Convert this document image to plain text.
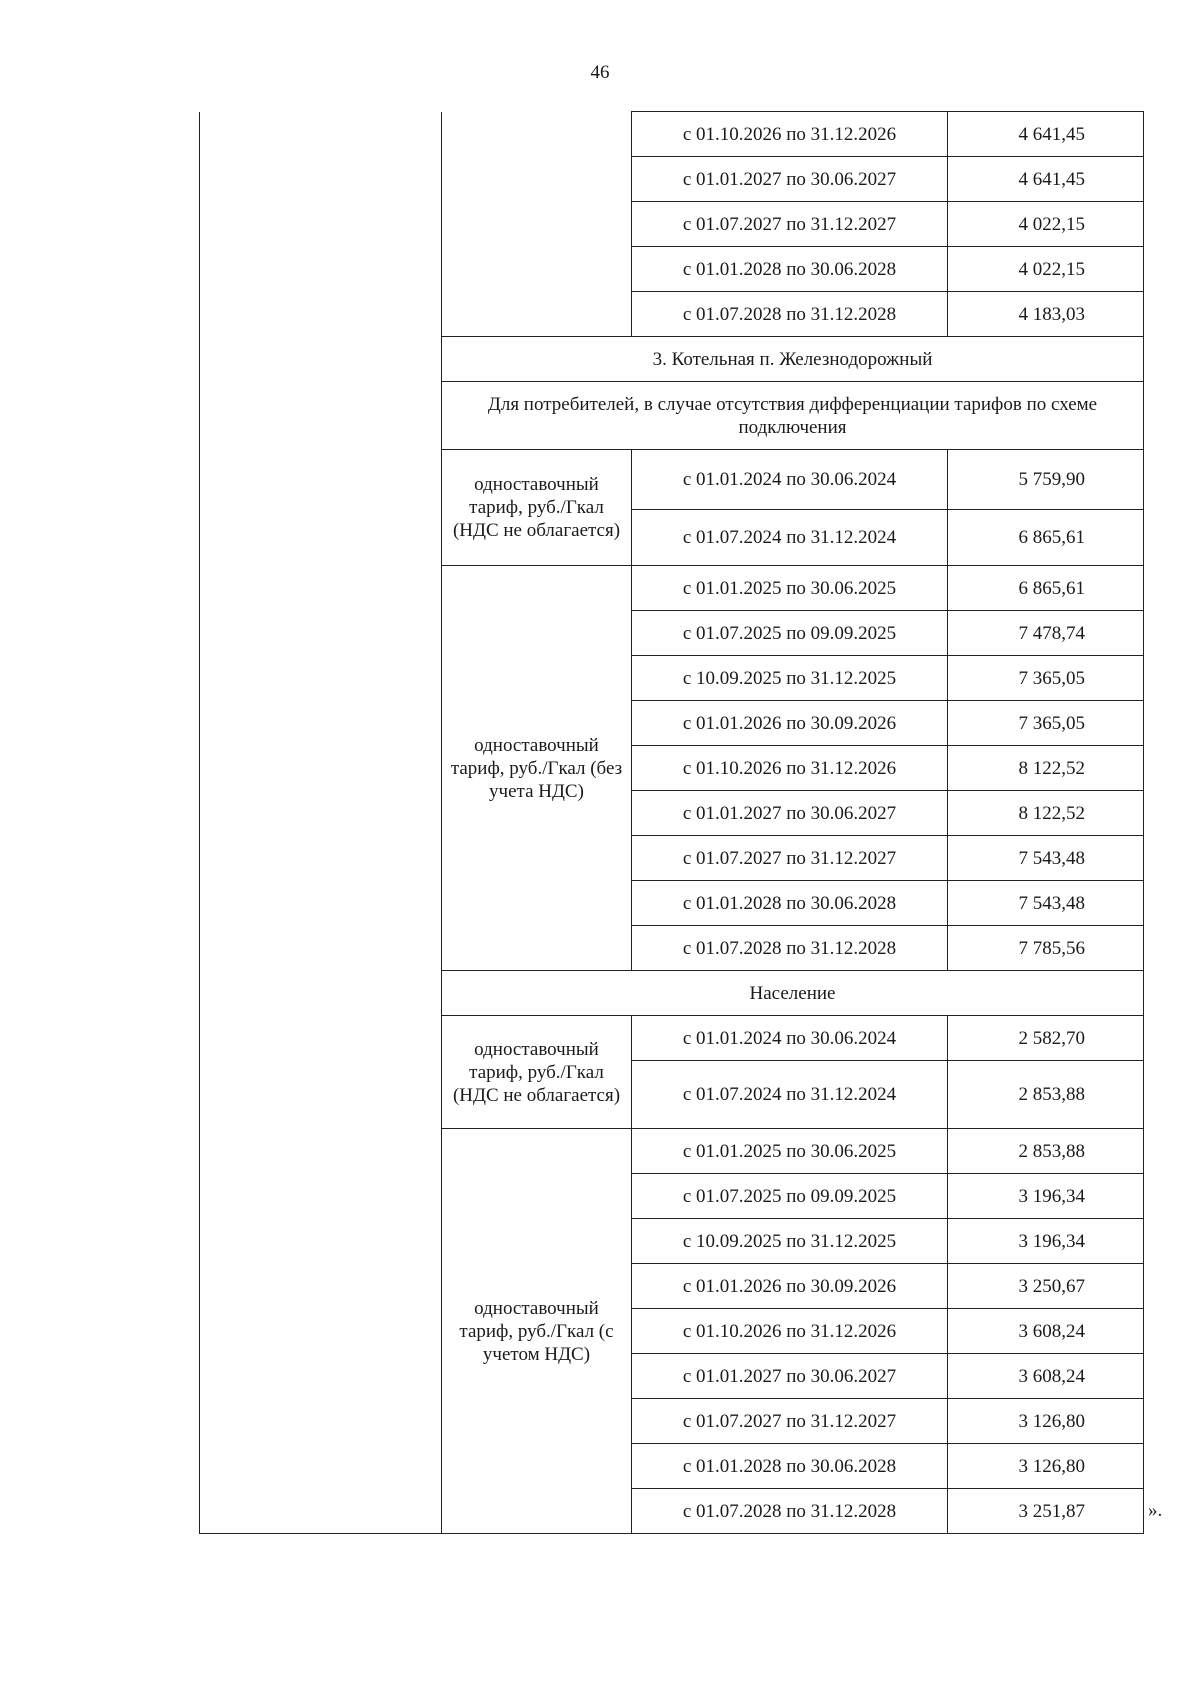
46
		с 01.10.2026 по 31.12.2026	4 641,45
		с 01.01.2027 по 30.06.2027	4 641,45
		с 01.07.2027 по 31.12.2027	4 022,15
		с 01.01.2028 по 30.06.2028	4 022,15
		с 01.07.2028 по 31.12.2028	4 183,03
	3. Котельная п. Железнодорожный		
	Для потребителей, в случае отсутствия дифференциации тарифов по схеме подключения		
	одноставочный тариф, руб./Гкал (НДС не облагается)	с 01.01.2024 по 30.06.2024	5 759,90
		с 01.07.2024 по 31.12.2024	6 865,61
	одноставочный тариф, руб./Гкал (без учета НДС)	с 01.01.2025 по 30.06.2025	6 865,61
		с 01.07.2025 по 09.09.2025	7 478,74
		с 10.09.2025 по 31.12.2025	7 365,05
		с 01.01.2026 по 30.09.2026	7 365,05
		с 01.10.2026 по 31.12.2026	8 122,52
		с 01.01.2027 по 30.06.2027	8 122,52
		с 01.07.2027 по 31.12.2027	7 543,48
		с 01.01.2028 по 30.06.2028	7 543,48
		с 01.07.2028 по 31.12.2028	7 785,56
	Население		
	одноставочный тариф, руб./Гкал (НДС не облагается)	с 01.01.2024 по 30.06.2024	2 582,70
		с 01.07.2024 по 31.12.2024	2 853,88
	одноставочный тариф, руб./Гкал (с учетом НДС)	с 01.01.2025 по 30.06.2025	2 853,88
		с 01.07.2025 по 09.09.2025	3 196,34
		с 10.09.2025 по 31.12.2025	3 196,34
		с 01.01.2026 по 30.09.2026	3 250,67
		с 01.10.2026 по 31.12.2026	3 608,24
		с 01.01.2027 по 30.06.2027	3 608,24
		с 01.07.2027 по 31.12.2027	3 126,80
		с 01.01.2028 по 30.06.2028	3 126,80
		с 01.07.2028 по 31.12.2028	3 251,87	».
